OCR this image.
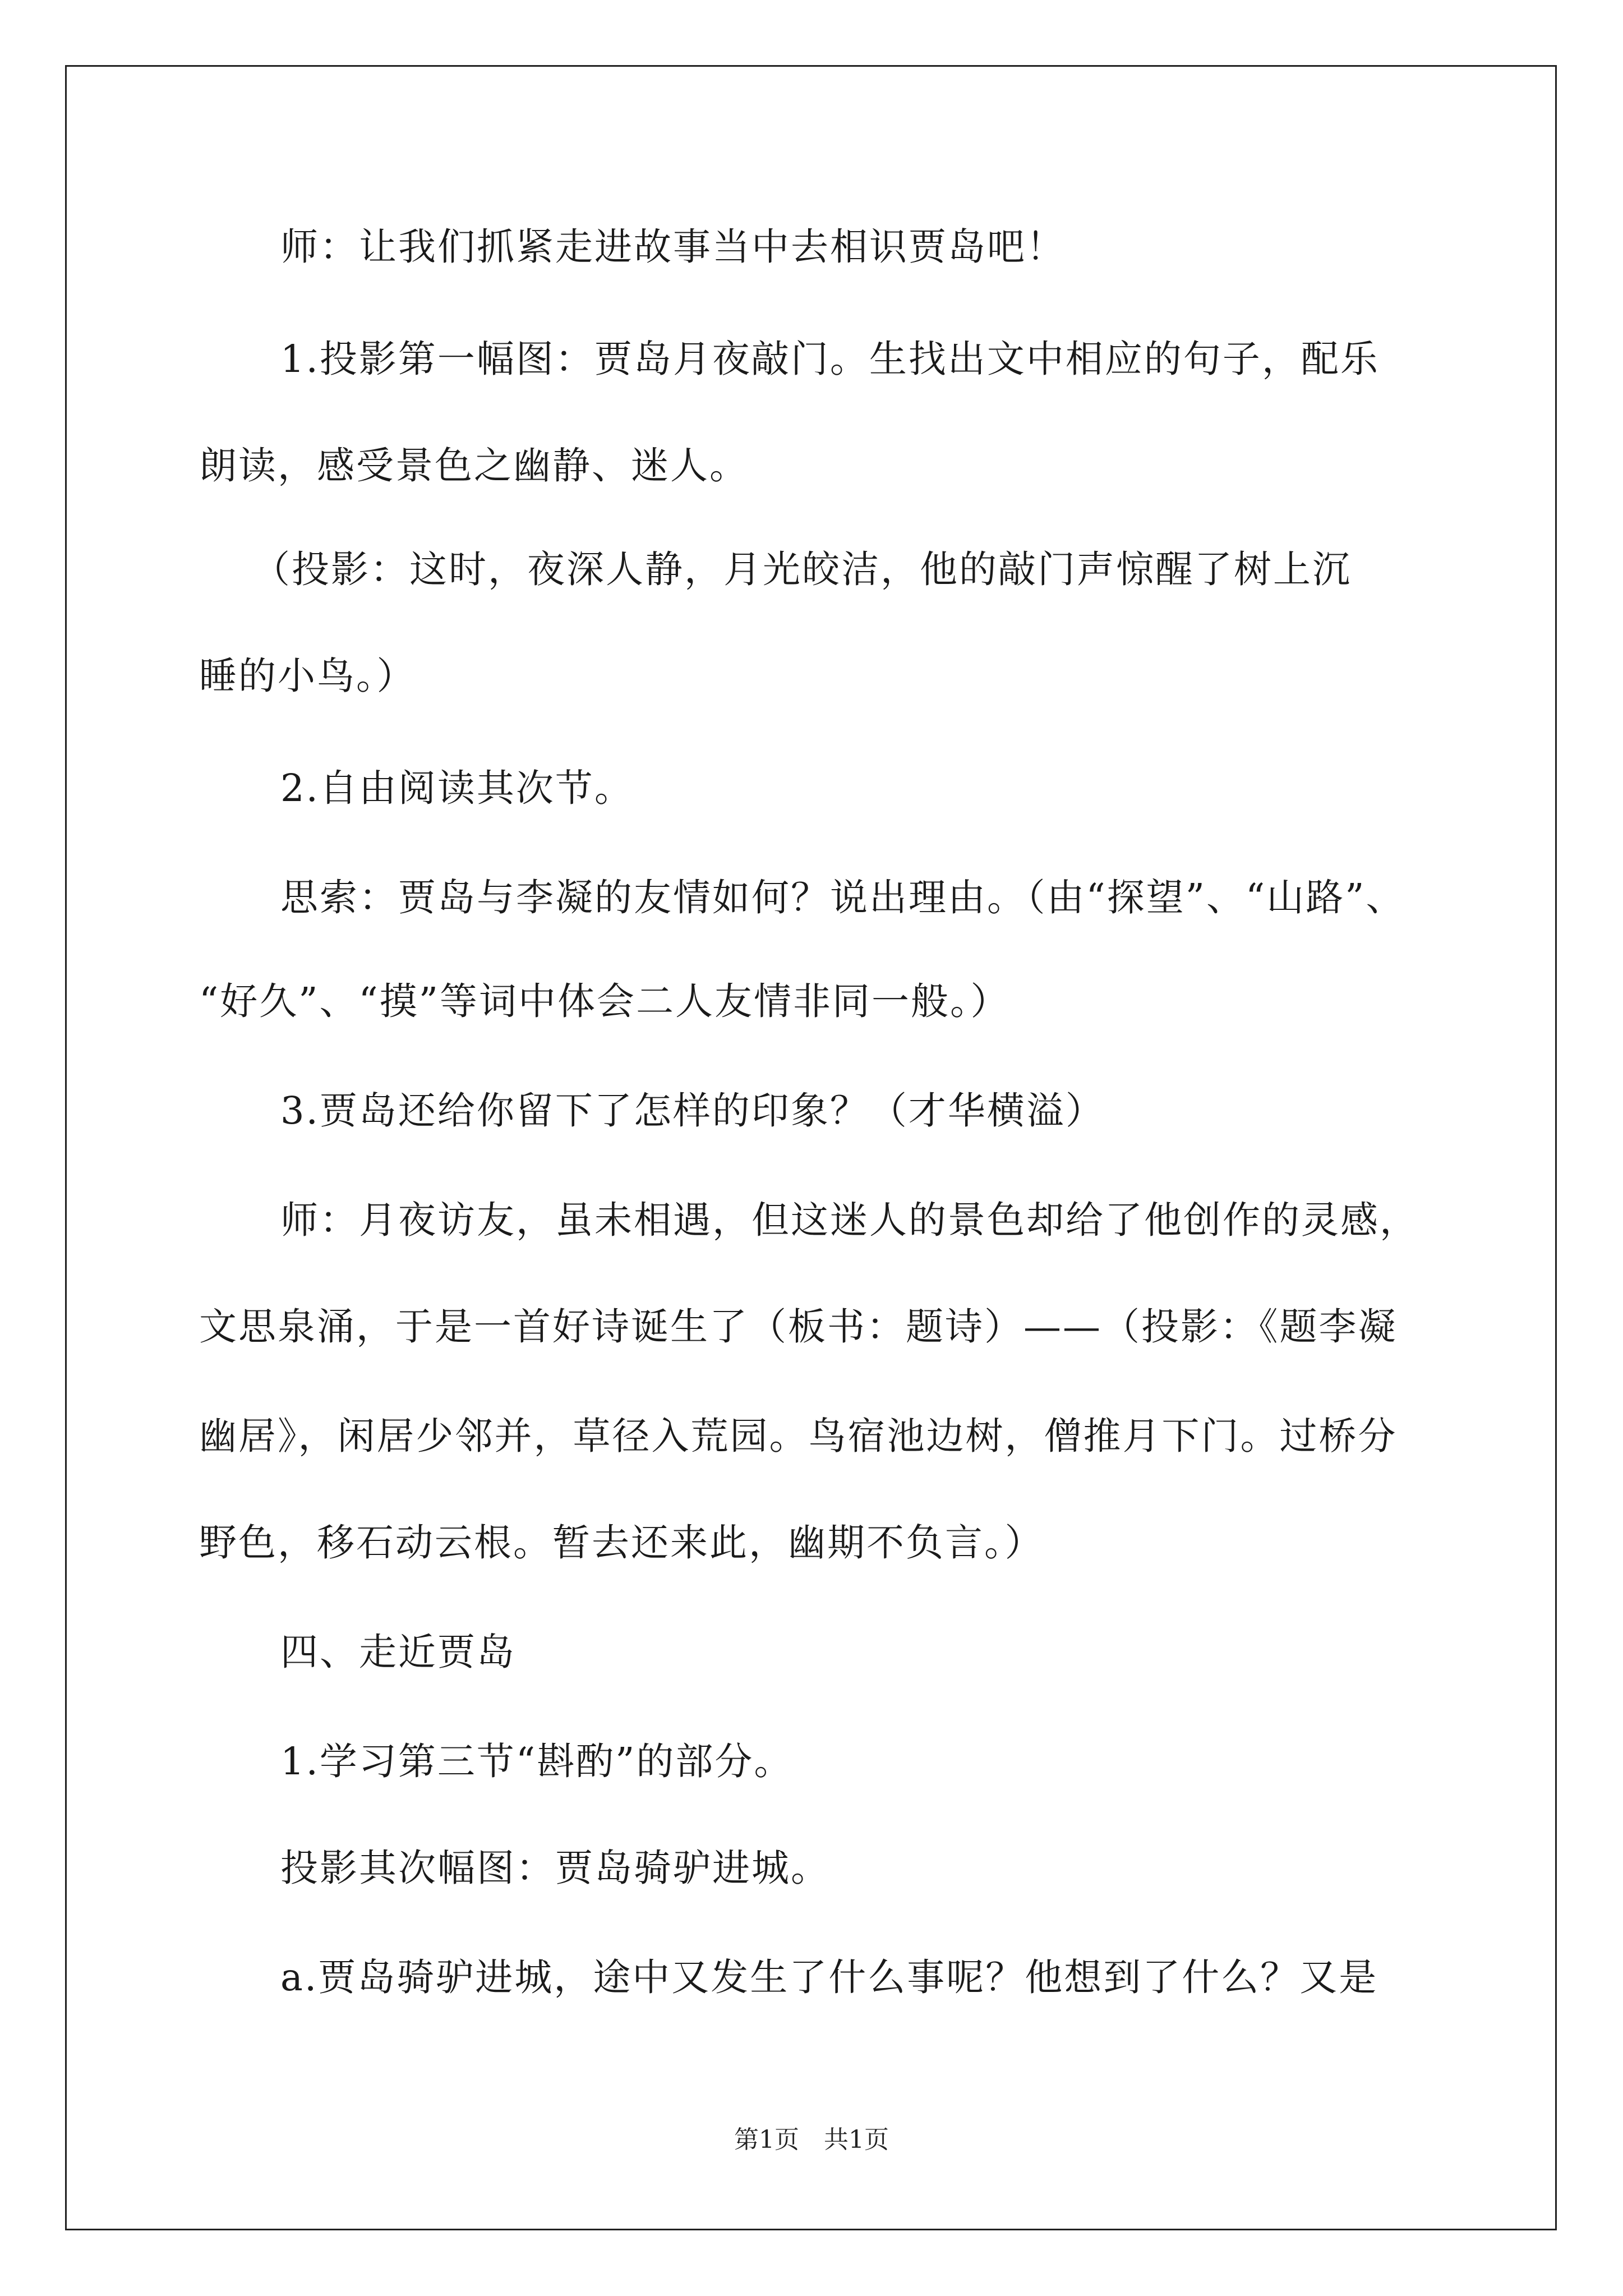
师：让我们抓紧走进故事当中去相识贾岛吧！
1.投影第一幅图：贾岛月夜敲门。生找出文中相应的句子，配乐
朗读，感受景色之幽静、迷人。
（投影：这时，夜深人静，月光皎洁，他的敲门声惊醒了树上沉
睡的小鸟。）
2.自由阅读其次节。
思索：贾岛与李凝的友情如何？说出理由。（由“探望”、“山路”、
“好久”、“摸”等词中体会二人友情非同一般。）
3.贾岛还给你留下了怎样的印象？（才华横溢）
师：月夜访友，虽未相遇，但这迷人的景色却给了他创作的灵感，
文思泉涌，于是一首好诗诞生了（板书：题诗）——（投影：《题李凝
幽居》，闲居少邻并，草径入荒园。鸟宿池边树，僧推月下门。过桥分
野色，移石动云根。暂去还来此，幽期不负言。）
四、走近贾岛
1.学习第三节“斟酌”的部分。
投影其次幅图：贾岛骑驴进城。
a.贾岛骑驴进城，途中又发生了什么事呢？他想到了什么？又是
第1页　共1页
